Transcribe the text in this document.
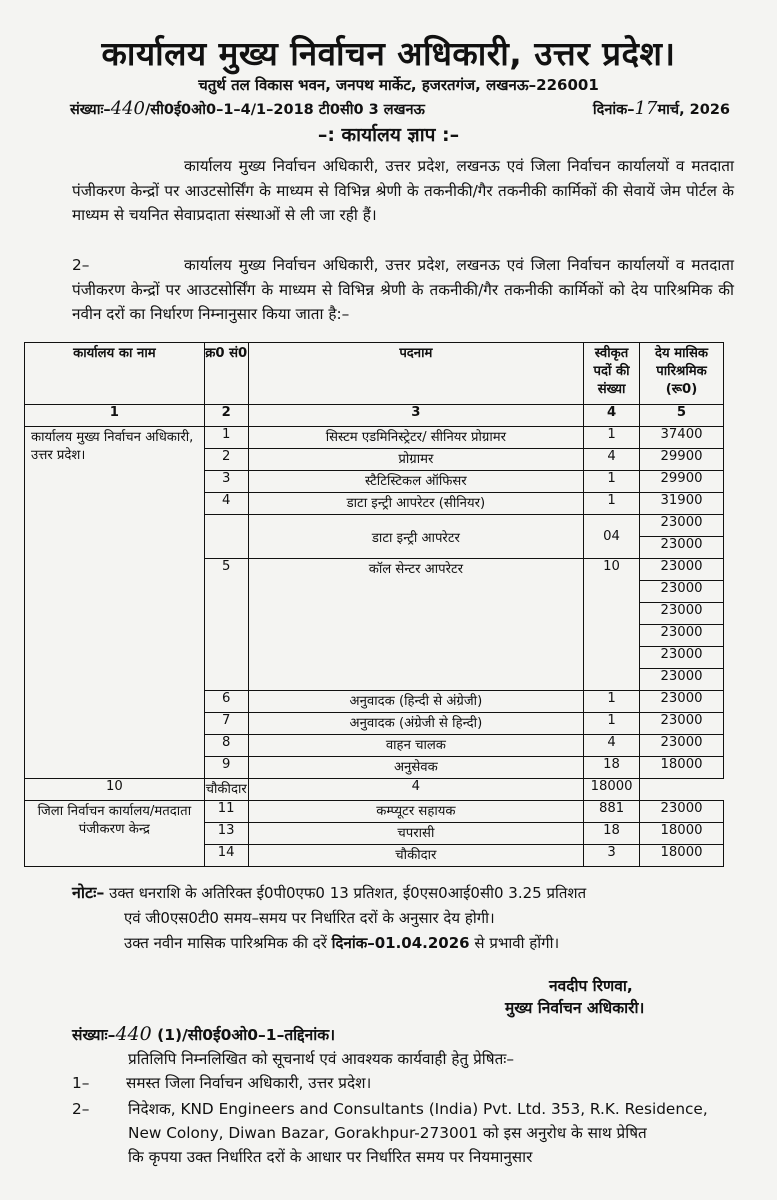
कार्यालय मुख्य निर्वाचन अधिकारी, उत्तर प्रदेश।
चतुर्थ तल विकास भवन, जनपथ मार्केट, हजरतगंज, लखनऊ–226001
संख्याः–440/सी0ई0ओ0–1–4/1–2018 टी0सी0 3 लखनऊ	दिनांक–17मार्च, 2026
–: कार्यालय ज्ञाप :–
कार्यालय मुख्य निर्वाचन अधिकारी, उत्तर प्रदेश, लखनऊ एवं जिला निर्वाचन कार्यालयों व मतदाता पंजीकरण केन्द्रों पर आउटसोर्सिंग के माध्यम से विभिन्न श्रेणी के तकनीकी/गैर तकनीकी कार्मिकों की सेवायें जेम पोर्टल के माध्यम से चयनित सेवाप्रदाता संस्थाओं से ली जा रही हैं।
2–	कार्यालय मुख्य निर्वाचन अधिकारी, उत्तर प्रदेश, लखनऊ एवं जिला निर्वाचन कार्यालयों व मतदाता पंजीकरण केन्द्रों पर आउटसोर्सिंग के माध्यम से विभिन्न श्रेणी के तकनीकी/गैर तकनीकी कार्मिकों को देय पारिश्रमिक की नवीन दरों का निर्धारण निम्नानुसार किया जाता है:–
कार्यालय का नाम	क्र0 सं0	पदनाम	स्वीकृत पदों की संख्या	देय मासिक पारिश्रमिक (रू0)
1	2	3	4	5
कार्यालय मुख्य निर्वाचन अधिकारी, उत्तर प्रदेश।	1	सिस्टम एडमिनिस्ट्रेटर/ सीनियर प्रोग्रामर	1	37400
	2	प्रोग्रामर	4	29900
	3	स्टैटिस्टिकल ऑफिसर	1	29900
	4	डाटा इन्ट्री आपरेटर (सीनियर)	1	31900
		डाटा इन्ट्री आपरेटर	04	23000
				23000
	5	कॉल सेन्टर आपरेटर	10	23000
				23000
				23000
				23000
				23000
				23000
	6	अनुवादक (हिन्दी से अंग्रेजी)	1	23000
	7	अनुवादक (अंग्रेजी से हिन्दी)	1	23000
	8	वाहन चालक	4	23000
	9	अनुसेवक	18	18000
10	चौकीदार	4	18000	
जिला निर्वाचन कार्यालय/मतदाता पंजीकरण केन्द्र	11	कम्प्यूटर सहायक	881	23000
	13	चपरासी	18	18000
	14	चौकीदार	3	18000
नोटः– उक्त धनराशि के अतिरिक्त ई0पी0एफ0 13 प्रतिशत, ई0एस0आई0सी0 3.25 प्रतिशत
एवं जी0एस0टी0 समय–समय पर निर्धारित दरों के अनुसार देय होगी।
उक्त नवीन मासिक पारिश्रमिक की दरें दिनांक–01.04.2026 से प्रभावी होंगी।
नवदीप रिणवा,
मुख्य निर्वाचन अधिकारी।
संख्याः–440 (1)/सी0ई0ओ0–1–तद्दिनांक।
प्रतिलिपि निम्नलिखित को सूचनार्थ एवं आवश्यक कार्यवाही हेतु प्रेषितः–
1– समस्त जिला निर्वाचन अधिकारी, उत्तर प्रदेश।
2–	निदेशक, KND Engineers and Consultants (India) Pvt. Ltd. 353, R.K. Residence,
New Colony, Diwan Bazar, Gorakhpur-273001 को इस अनुरोध के साथ प्रेषित
कि कृपया उक्त निर्धारित दरों के आधार पर निर्धारित समय पर नियमानुसार
